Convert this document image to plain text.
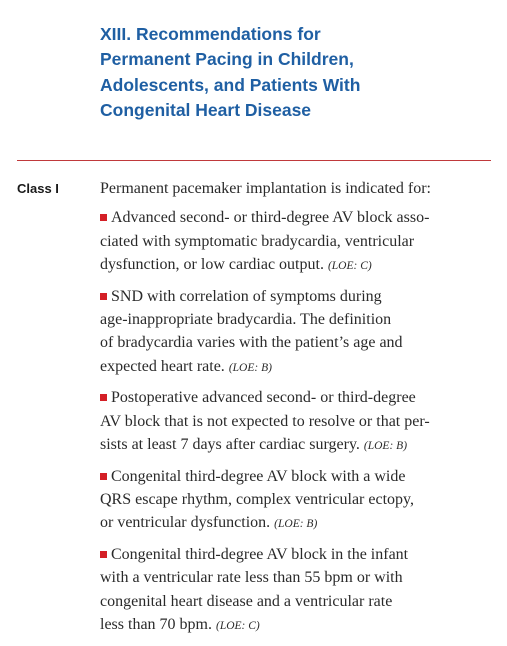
XIII. Recommendations for
Permanent Pacing in Children,
Adolescents, and Patients With
Congenital Heart Disease
Class I	Permanent pacemaker implantation is indicated for:

Advanced second- or third-degree AV block asso-
ciated with symptomatic bradycardia, ventricular
dysfunction, or low cardiac output. (LOE: C)
SND with correlation of symptoms during
age-inappropriate bradycardia. The definition
of bradycardia varies with the patient’s age and
expected heart rate. (LOE: B)
Postoperative advanced second- or third-degree
AV block that is not expected to resolve or that per-
sists at least 7 days after cardiac surgery. (LOE: B)
Congenital third-degree AV block with a wide
QRS escape rhythm, complex ventricular ectopy,
or ventricular dysfunction. (LOE: B)
Congenital third-degree AV block in the infant
with a ventricular rate less than 55 bpm or with
congenital heart disease and a ventricular rate
less than 70 bpm. (LOE: C)
